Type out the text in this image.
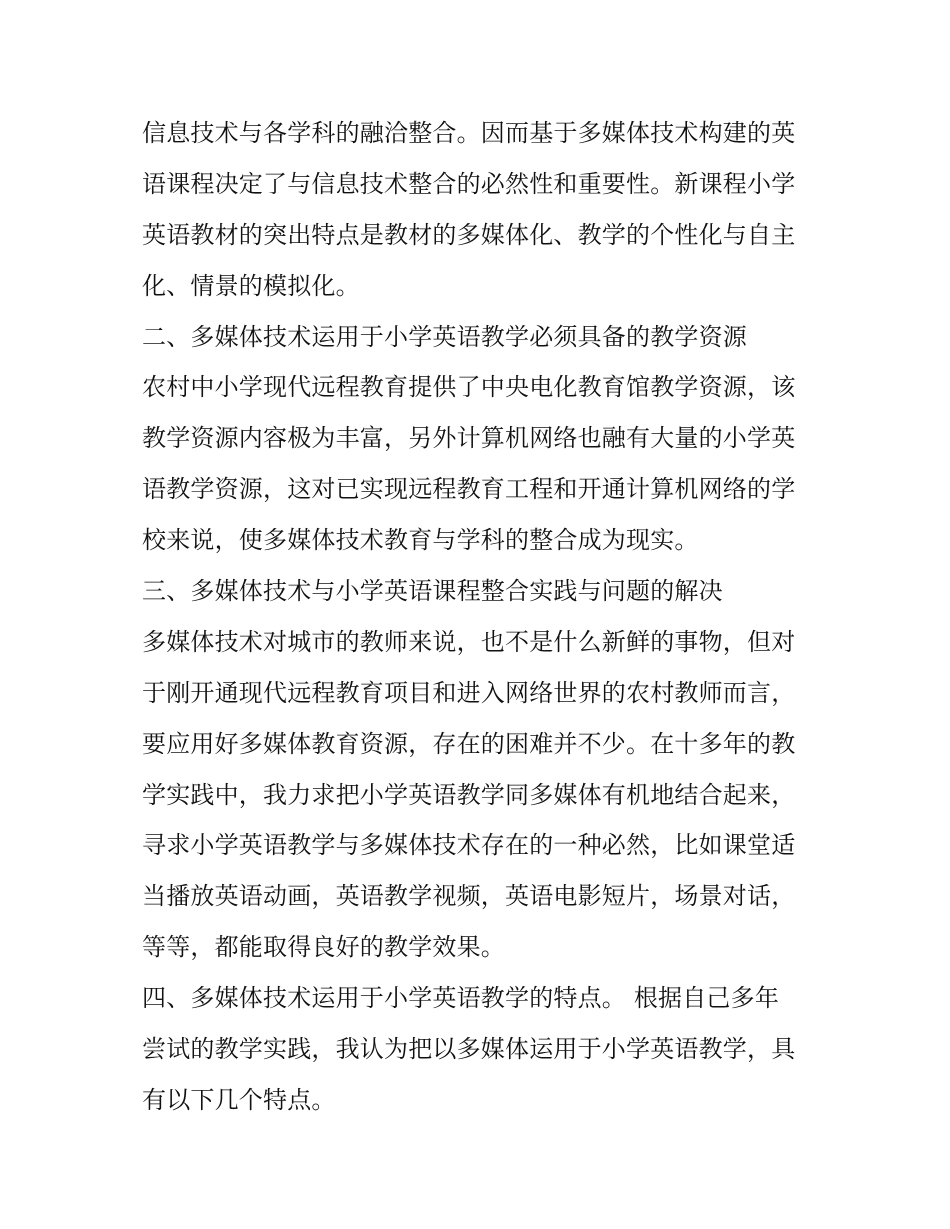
信息技术与各学科的融洽整合。因而基于多媒体技术构建的英
语课程决定了与信息技术整合的必然性和重要性。新课程小学
英语教材的突出特点是教材的多媒体化、教学的个性化与自主
化、情景的模拟化。
二、多媒体技术运用于小学英语教学必须具备的教学资源
农村中小学现代远程教育提供了中央电化教育馆教学资源，该
教学资源内容极为丰富，另外计算机网络也融有大量的小学英
语教学资源，这对已实现远程教育工程和开通计算机网络的学
校来说，使多媒体技术教育与学科的整合成为现实。
三、多媒体技术与小学英语课程整合实践与问题的解决
多媒体技术对城市的教师来说，也不是什么新鲜的事物，但对
于刚开通现代远程教育项目和进入网络世界的农村教师而言，
要应用好多媒体教育资源，存在的困难并不少。在十多年的教
学实践中，我力求把小学英语教学同多媒体有机地结合起来，
寻求小学英语教学与多媒体技术存在的一种必然，比如课堂适
当播放英语动画，英语教学视频，英语电影短片，场景对话，
等等，都能取得良好的教学效果。
四、多媒体技术运用于小学英语教学的特点。 根据自己多年
尝试的教学实践，我认为把以多媒体运用于小学英语教学，具
有以下几个特点。
